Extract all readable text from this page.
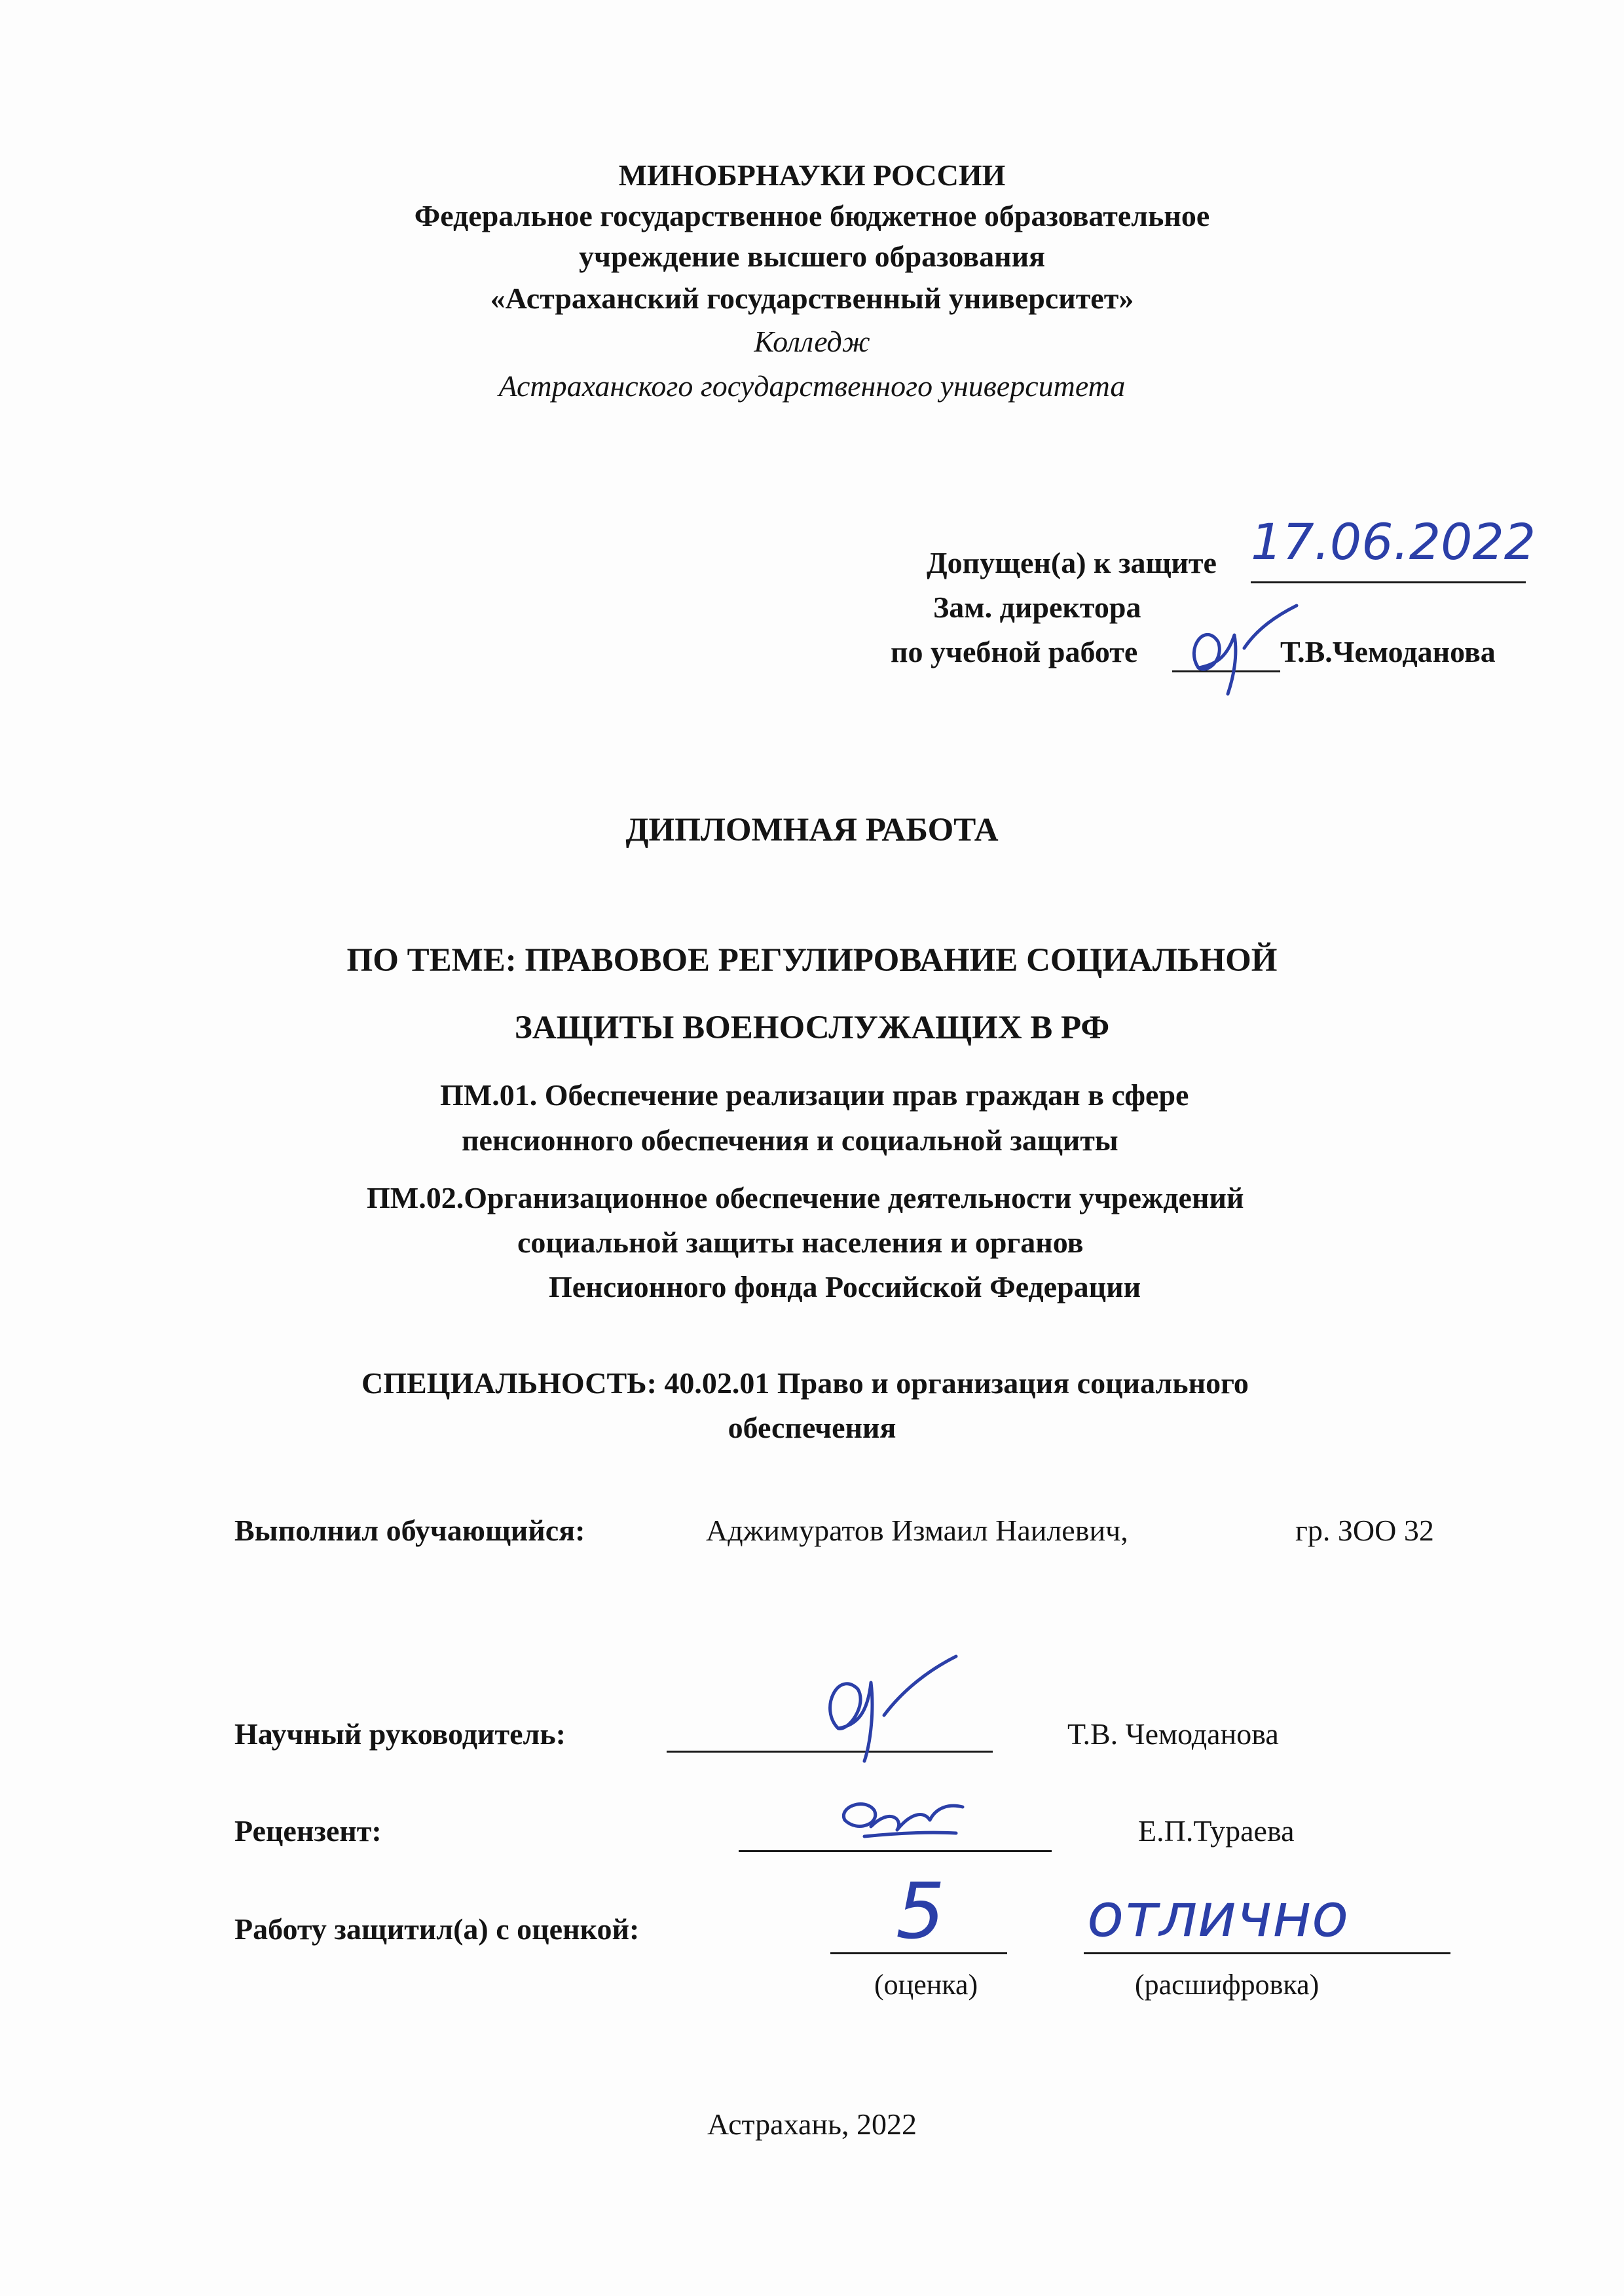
МИНОБРНАУКИ РОССИИ
Федеральное государственное бюджетное образовательное
учреждение высшего образования
«Астраханский государственный университет»
Колледж
Астраханского государственного университета
Допущен(а) к защите 17.06.2022
Зам. директора
по учебной работе	Т.В.Чемоданова
ДИПЛОМНАЯ РАБОТА
ПО ТЕМЕ: ПРАВОВОЕ РЕГУЛИРОВАНИЕ СОЦИАЛЬНОЙ
ЗАЩИТЫ ВОЕНОСЛУЖАЩИХ В РФ
ПМ.01. Обеспечение реализации прав граждан в сфере
пенсионного обеспечения и социальной защиты
ПМ.02.Организационное обеспечение деятельности учреждений
социальной защиты населения и органов
Пенсионного фонда Российской Федерации
СПЕЦИАЛЬНОСТЬ: 40.02.01 Право и организация социального
обеспечения
Выполнил обучающийся:	Аджимуратов Измаил Наилевич,	гр. ЗОО 32
Научный руководитель:	Т.В. Чемоданова
Рецензент:	Е.П.Тураева
Работу защитил(а) с оценкой:	5 отлично
(оценка)	(расшифровка)
Астрахань, 2022
